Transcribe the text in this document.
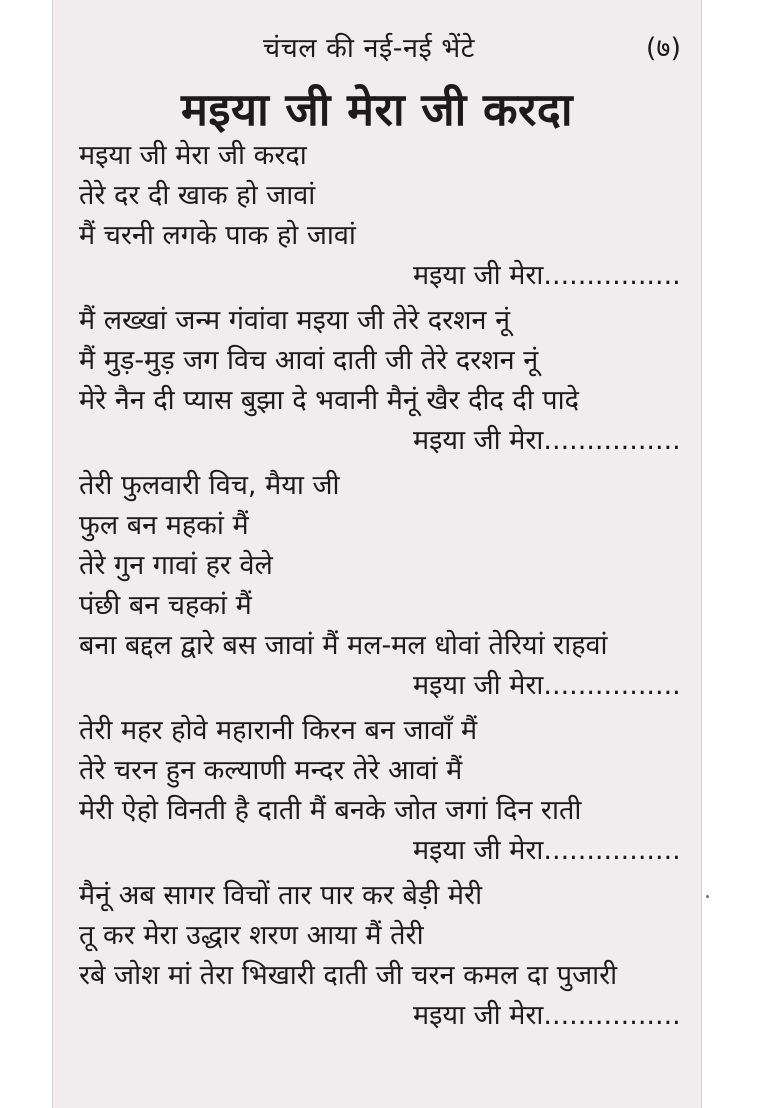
चंचल की नई-नई भेंटे	(७)
मइया जी मेरा जी करदा
मइया जी मेरा जी करदा
तेरे दर दी खाक हो जावां
मैं चरनी लगके पाक हो जावां
मइया जी मेरा................
मैं लख्खां जन्म गंवांवा मइया जी तेरे दरशन नूं
मैं मुड़-मुड़ जग विच आवां दाती जी तेरे दरशन नूं
मेरे नैन दी प्यास बुझा दे भवानी मैनूं खैर दीद दी पादे
मइया जी मेरा................
तेरी फुलवारी विच, मैया जी
फुल बन महकां मैं
तेरे गुन गावां हर वेले
पंछी बन चहकां मैं
बना बद्दल द्वारे बस जावां मैं मल-मल धोवां तेरियां राहवां
मइया जी मेरा................
तेरी महर होवे महारानी किरन बन जावाँ मैं
तेरे चरन हुन कल्याणी मन्दर तेरे आवां मैं
मेरी ऐहो विनती है दाती मैं बनके जोत जगां दिन राती
मइया जी मेरा................
मैनूं अब सागर विचों तार पार कर बेड़ी मेरी
तू कर मेरा उद्धार शरण आया मैं तेरी
रबे जोश मां तेरा भिखारी दाती जी चरन कमल दा पुजारी
मइया जी मेरा................
